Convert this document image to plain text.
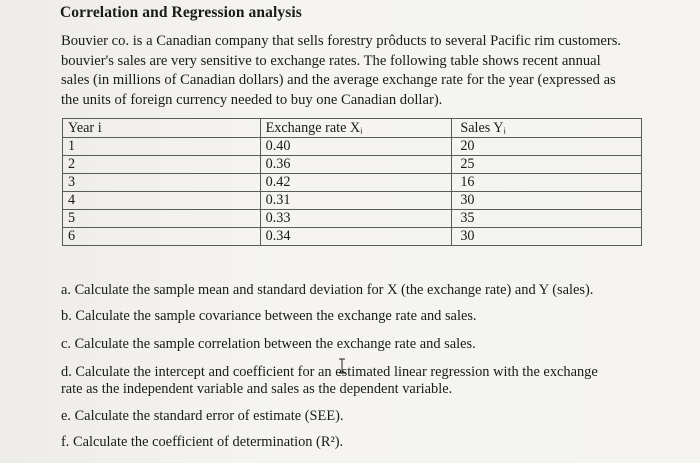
Correlation and Regression analysis
Bouvier co. is a Canadian company that sells forestry prôducts to several Pacific rim customers.
bouvier's sales are very sensitive to exchange rates. The following table shows recent annual
sales (in millions of Canadian dollars) and the average exchange rate for the year (expressed as
the units of foreign currency needed to buy one Canadian dollar).
Year i	Exchange rate Xᵢ	Sales Yᵢ
1	0.40	20
2	0.36	25
3	0.42	16
4	0.31	30
5	0.33	35
6	0.34	30
a. Calculate the sample mean and standard deviation for X (the exchange rate) and Y (sales).
b. Calculate the sample covariance between the exchange rate and sales.
c. Calculate the sample correlation between the exchange rate and sales.
d. Calculate the intercept and coefficient for an estimated linear regression with the exchange
rate as the independent variable and sales as the dependent variable.
e. Calculate the standard error of estimate (SEE).
f. Calculate the coefficient of determination (R²).
